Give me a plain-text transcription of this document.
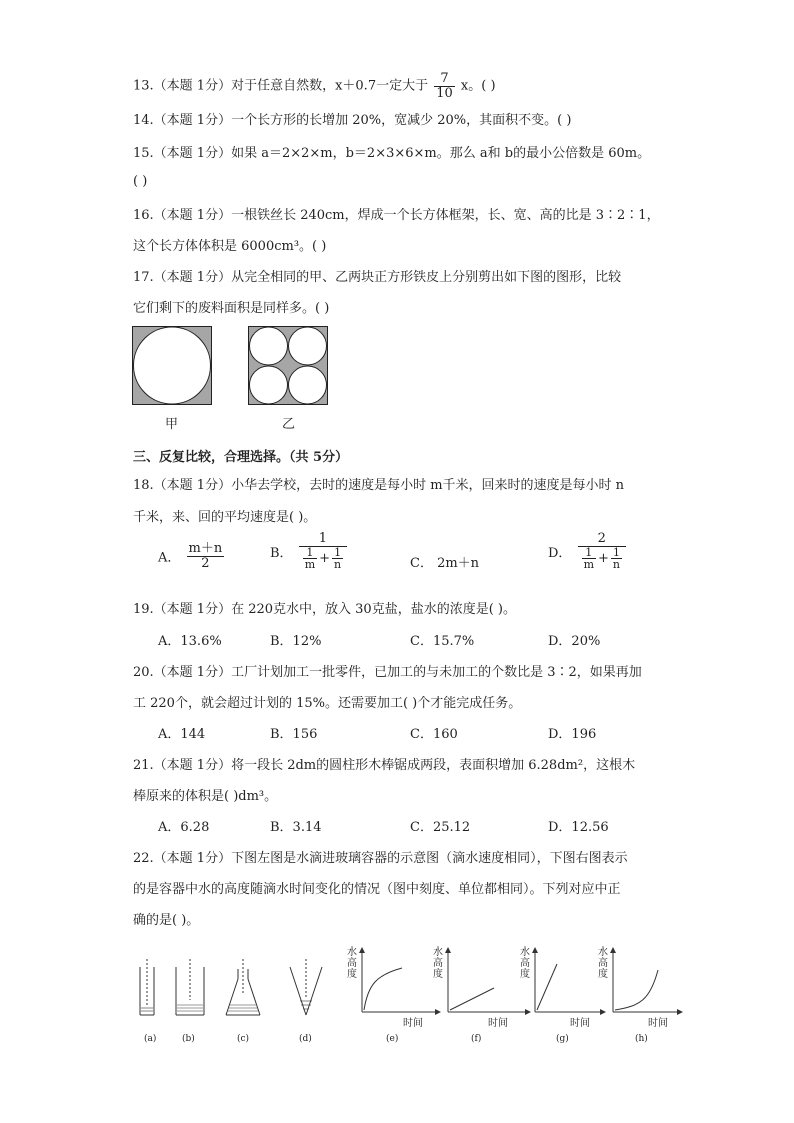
13.（本题 1分）对于任意自然数，x＋0.7一定大于 $\frac{7}{10}$ x。( )
14.（本题 1分）一个长方形的长增加 20%，宽减少 20%，其面积不变。( )
15.（本题 1分）如果 a＝2×2×m，b＝2×3×6×m。那么 a和 b的最小公倍数是 60m。
( )
16.（本题 1分）一根铁丝长 240cm，焊成一个长方体框架，长、宽、高的比是 3∶2∶1，
这个长方体体积是 6000cm³。( )
17.（本题 1分）从完全相同的甲、乙两块正方形铁皮上分别剪出如下图的图形，比较
它们剩下的废料面积是同样多。( )
甲	乙
三、反复比较，合理选择。（共 5分）
18.（本题 1分）小华去学校，去时的速度是每小时 m千米，回来时的速度是每小时 n
千米，来、回的平均速度是( )。
A． $\frac{m+n}{2}$	B． $\frac{1}{\frac{1}{m} + \frac{1}{n}}$	C． 2m＋n
D． $\frac{2}{\frac{1}{m} + \frac{1}{n}}$
19.（本题 1分）在 220克水中，放入 30克盐，盐水的浓度是( )。
A．13.6%	B．12%	C．15.7%	D．20%
20.（本题 1分）工厂计划加工一批零件，已加工的与未加工的个数比是 3∶2，如果再加
工 220个，就会超过计划的 15%。还需要加工( )个才能完成任务。
A．144	B．156	C．160	D．196
21.（本题 1分）将一段长 2dm的圆柱形木棒锯成两段，表面积增加 6.28dm²，这根木
棒原来的体积是( )dm³。
A．6.28	B．3.14	C．25.12	D．12.56
22.（本题 1分）下图左图是水滴进玻璃容器的示意图（滴水速度相同），下图右图表示
的是容器中水的高度随滴水时间变化的情况（图中刻度、单位都相同）。下列对应中正
确的是( )。
水
高
度
水
高
度
水
高
度
水
高
度
时间	时间	时间	时间
(a)	(b)	(c)	(d)	(e)	(f)	(g)	(h)
